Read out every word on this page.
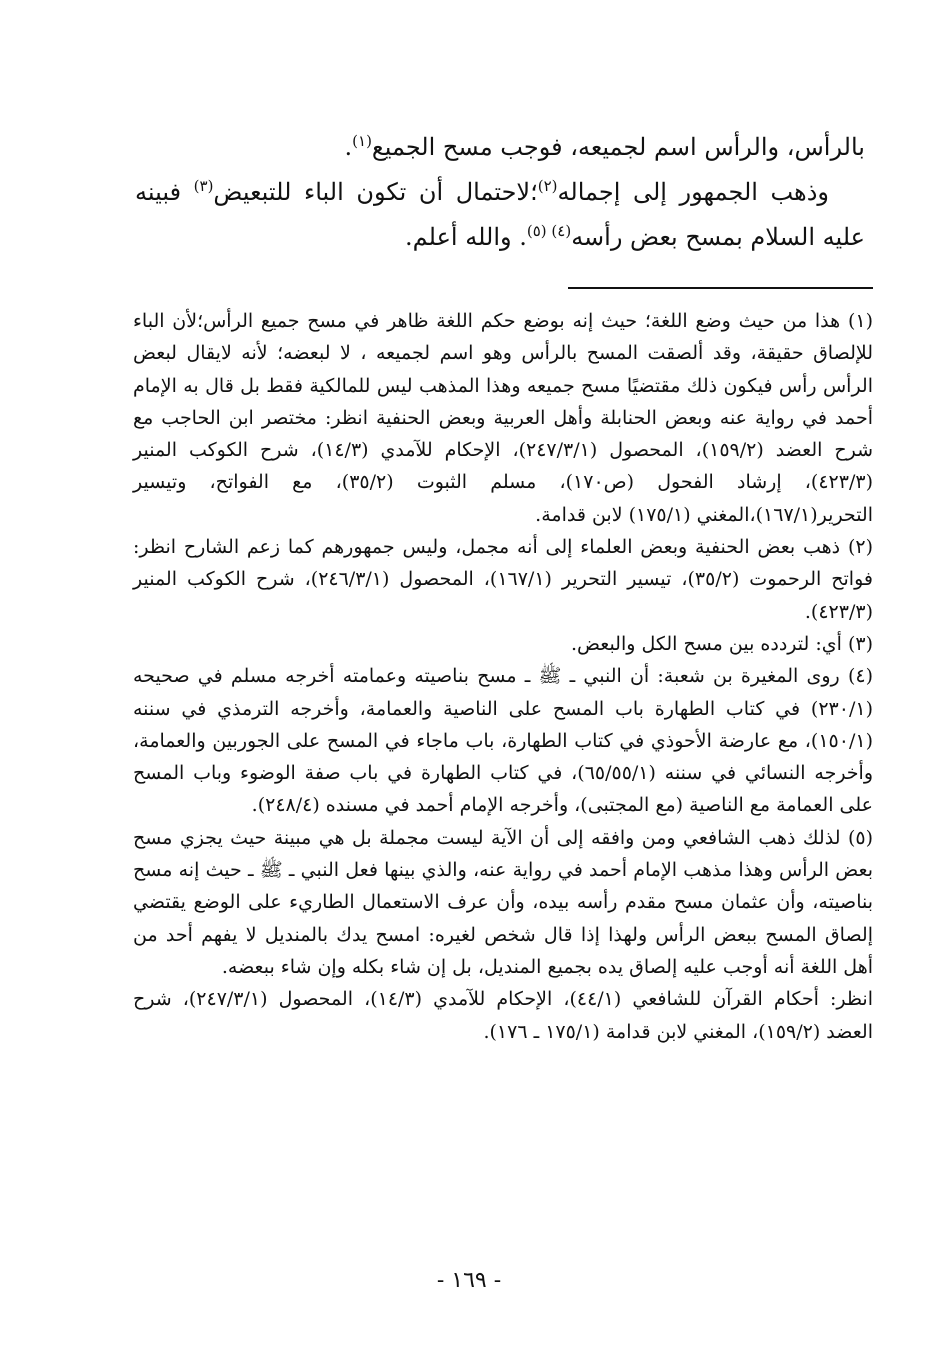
بالرأس، والرأس اسم لجميعه، فوجب مسح الجميع$^{(١)}$.

وذهب الجمهور إلى إجماله$^{(٢)}$؛لاحتمال أن تكون الباء للتبعيض$^{(٣)}$ فبينه عليه السلام بمسح بعض رأسه$^{(٤)}$ $^{(٥)}$. والله أعلم.

(١) هذا من حيث وضع اللغة؛ حيث إنه بوضع حكم اللغة ظاهر في مسح جميع الرأس؛لأن الباء للإلصاق حقيقة، وقد ألصقت المسح بالرأس وهو اسم لجميعه ، لا لبعضه؛ لأنه لايقال لبعض الرأس رأس فيكون ذلك مقتضيًا مسح جميعه وهذا المذهب ليس للمالكية فقط بل قال به الإمام أحمد في رواية عنه وبعض الحنابلة وأهل العربية وبعض الحنفية انظر: مختصر ابن الحاجب مع شرح العضد (١٥٩/٢)، المحصول (٢٤٧/٣/١)، الإحكام للآمدي (١٤/٣)، شرح الكوكب المنير (٤٢٣/٣)، إرشاد الفحول (ص١٧٠)، مسلم الثبوت (٣٥/٢)، مع الفواتح، وتيسير التحرير(١٦٧/١)،المغني (١٧٥/١) لابن قدامة.

(٢) ذهب بعض الحنفية وبعض العلماء إلى أنه مجمل، وليس جمهورهم كما زعم الشارح انظر: فواتح الرحموت (٣٥/٢)، تيسير التحرير (١٦٧/١)، المحصول (٢٤٦/٣/١)، شرح الكوكب المنير (٤٢٣/٣).

(٣) أي: لتردده بين مسح الكل والبعض.

(٤) روى المغيرة بن شعبة: أن النبي ـ ﷺ ـ مسح بناصيته وعمامته أخرجه مسلم في صحيحه (٢٣٠/١) في كتاب الطهارة باب المسح على الناصية والعمامة، وأخرجه الترمذي في سننه (١٥٠/١)، مع عارضة الأحوذي في كتاب الطهارة، باب ماجاء في المسح على الجوربين والعمامة، وأخرجه النسائي في سننه (٦٥/٥٥/١)، في كتاب الطهارة في باب صفة الوضوء وباب المسح على العمامة مع الناصية (مع المجتبى)، وأخرجه الإمام أحمد في مسنده (٢٤٨/٤).

(٥) لذلك ذهب الشافعي ومن وافقه إلى أن الآية ليست مجملة بل هي مبينة حيث يجزي مسح بعض الرأس وهذا مذهب الإمام أحمد في رواية عنه، والذي بينها فعل النبي ـ ﷺ ـ حيث إنه مسح بناصيته، وأن عثمان مسح مقدم رأسه بيده، وأن عرف الاستعمال الطاريء على الوضع يقتضي إلصاق المسح ببعض الرأس ولهذا إذا قال شخص لغيره: امسح يدك بالمنديل لا يفهم أحد من أهل اللغة أنه أوجب عليه إلصاق يده بجميع المنديل، بل إن شاء بكله وإن شاء ببعضه.

انظر: أحكام القرآن للشافعي (٤٤/١)، الإحكام للآمدي (١٤/٣)، المحصول (٢٤٧/٣/١)، شرح العضد (١٥٩/٢)، المغني لابن قدامة (١٧٥/١ ـ ١٧٦).

- ١٦٩ -
